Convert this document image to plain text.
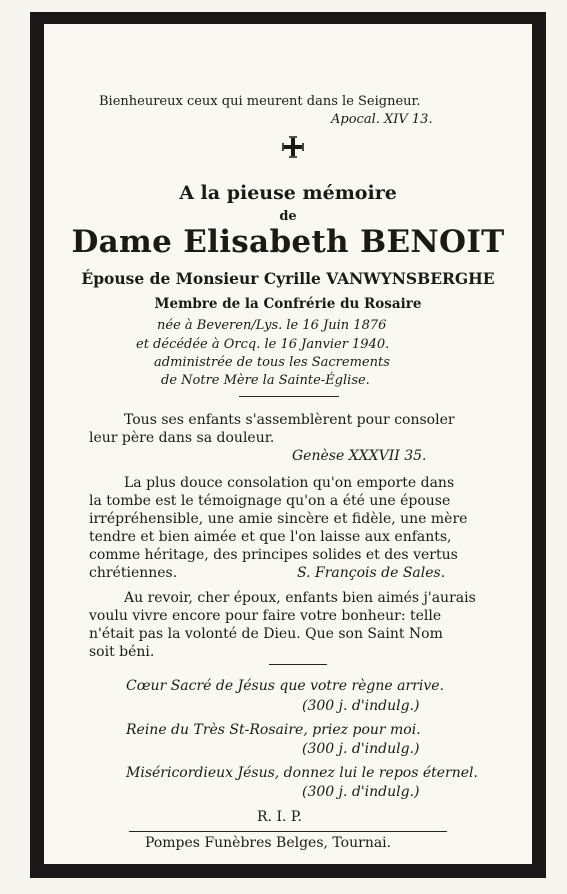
Bienheureux ceux qui meurent dans le Seigneur.
Apocal. XIV 13.
A la pieuse mémoire
de
Dame Elisabeth BENOIT
Épouse de Monsieur Cyrille VANWYNSBERGHE
Membre de la Confrérie du Rosaire
née à Beveren/Lys. le 16 Juin 1876
et décédée à Orcq. le 16 Janvier 1940.
administrée de tous les Sacrements
de Notre Mère la Sainte-Église.
Tous ses enfants s'assemblèrent pour consoler
leur père dans sa douleur.
Genèse XXXVII 35.
La plus douce consolation qu'on emporte dans
la tombe est le témoignage qu'on a été une épouse
irrépréhensible, une amie sincère et fidèle, une mère
tendre et bien aimée et que l'on laisse aux enfants,
comme héritage, des principes solides et des vertus
chrétiennes.	S. François de Sales.
Au revoir, cher époux, enfants bien aimés j'aurais
voulu vivre encore pour faire votre bonheur: telle
n'était pas la volonté de Dieu. Que son Saint Nom
soit béni.
Cœur Sacré de Jésus que votre règne arrive.
(300 j. d'indulg.)
Reine du Très St-Rosaire, priez pour moi.
(300 j. d'indulg.)
Miséricordieux Jésus, donnez lui le repos éternel.
(300 j. d'indulg.)
R. I. P.
Pompes Funèbres Belges, Tournai.
